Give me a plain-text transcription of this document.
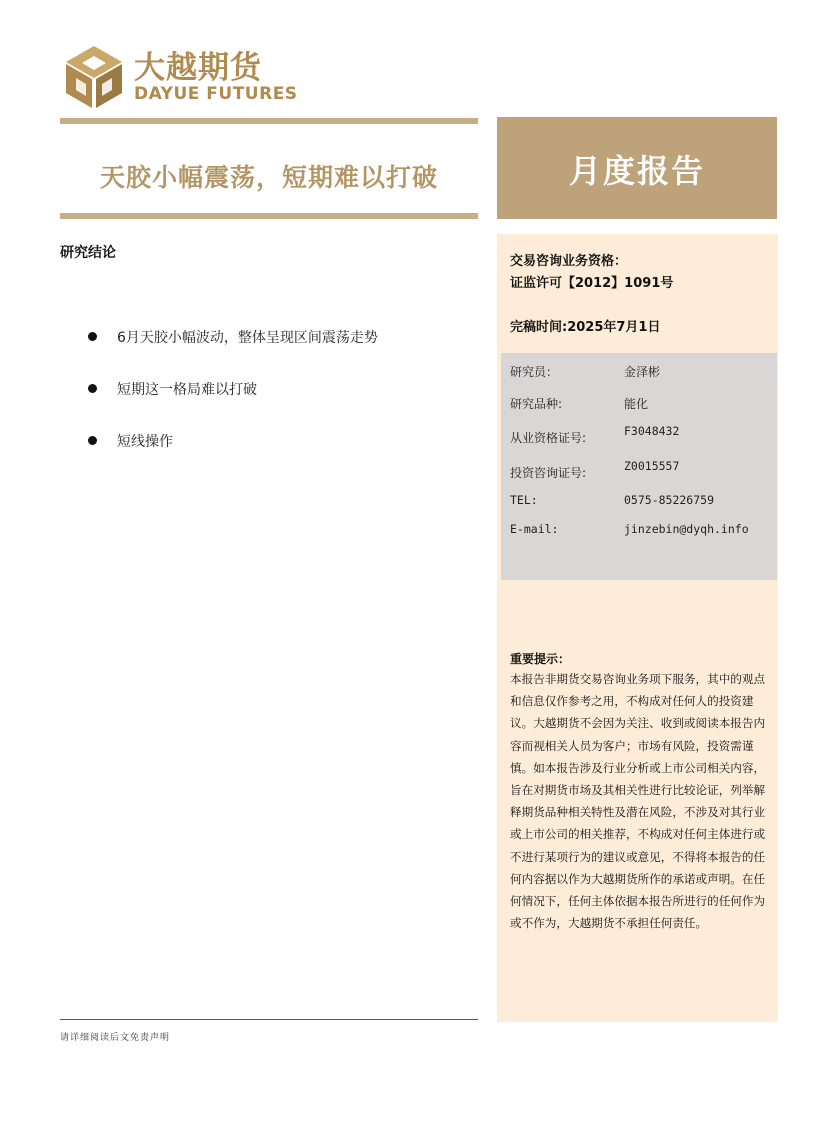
大越期货
DAYUE FUTURES
天胶小幅震荡，短期难以打破	月度报告
交易咨询业务资格：
证监许可【2012】1091号
完稿时间:2025年7月1日
研究员：	金泽彬
研究品种:	能化
从业资格证号:	F3048432
投资咨询证号:	Z0015557
TEL:	0575-85226759
E-mail:	jinzebin@dyqh.info
重要提示：
本报告非期货交易咨询业务项下服务，其中的观点和信息仅作参考之用，不构成对任何人的投资建议。大越期货不会因为关注、收到或阅读本报告内容而视相关人员为客户；市场有风险，投资需谨慎。如本报告涉及行业分析或上市公司相关内容，旨在对期货市场及其相关性进行比较论证，列举解释期货品种相关特性及潜在风险，不涉及对其行业或上市公司的相关推荐，不构成对任何主体进行或不进行某项行为的建议或意见，不得将本报告的任何内容据以作为大越期货所作的承诺或声明。在任何情况下，任何主体依据本报告所进行的任何作为或不作为，大越期货不承担任何责任。
研究结论
6月天胶小幅波动，整体呈现区间震荡走势
短期这一格局难以打破
短线操作
请详细阅读后文免责声明
